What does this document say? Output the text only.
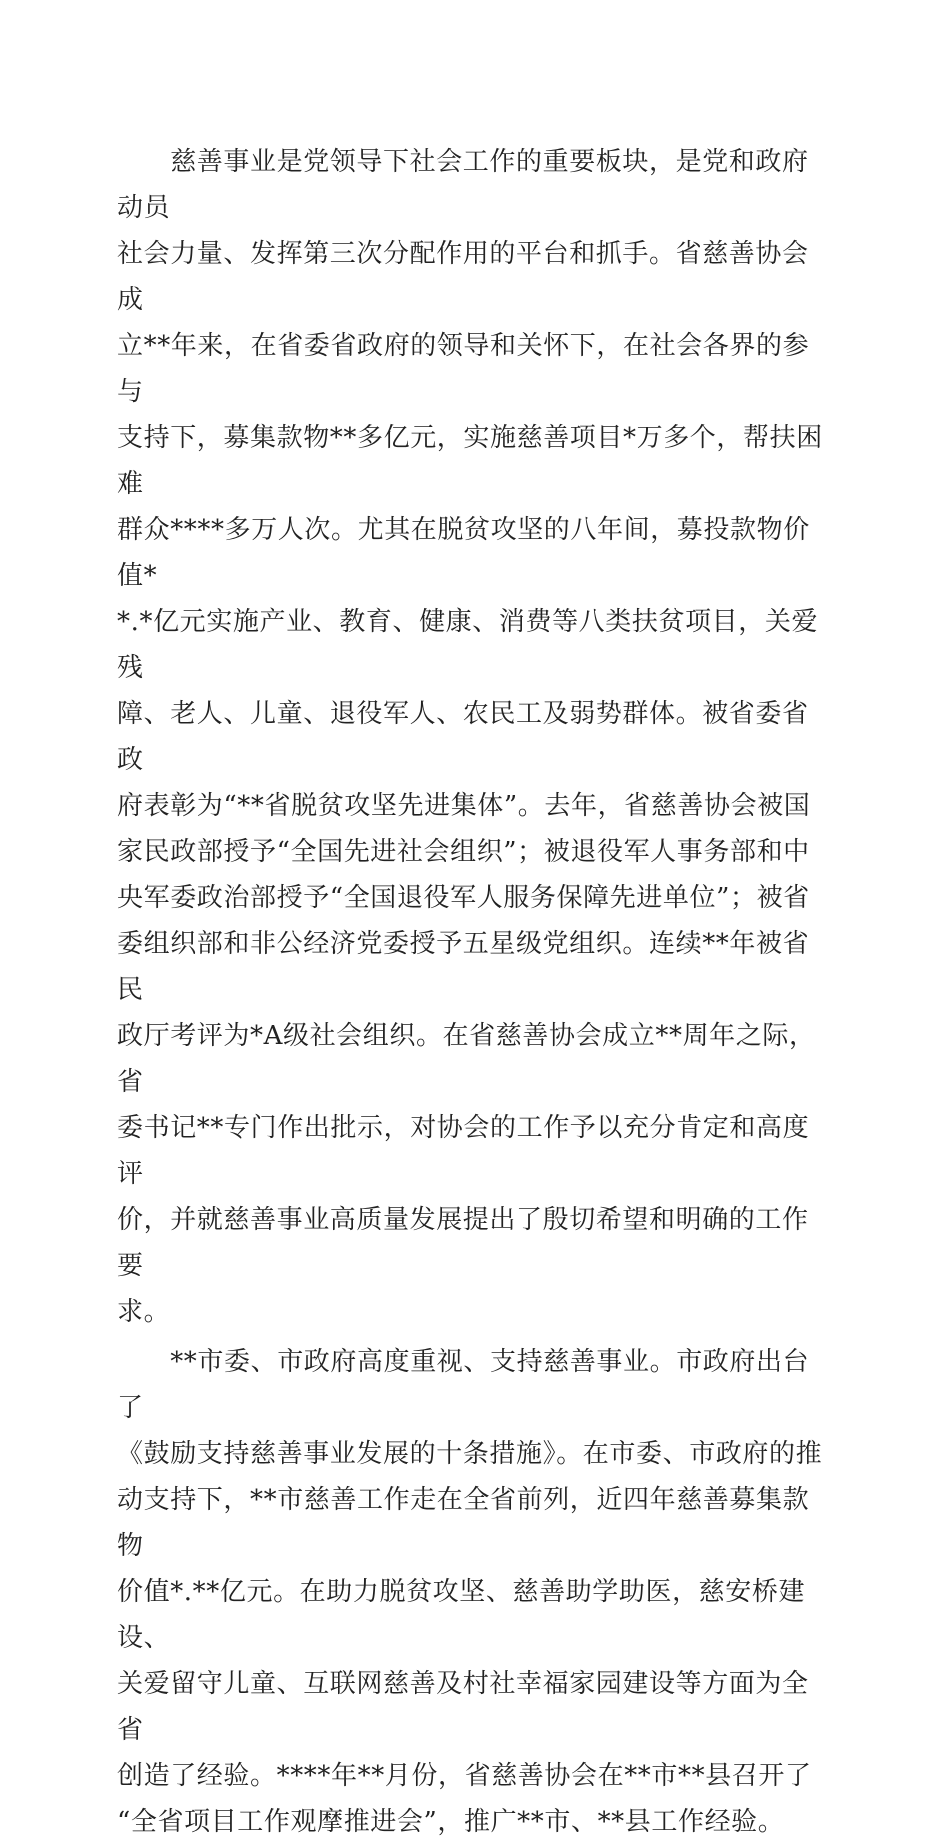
　　慈善事业是党领导下社会工作的重要板块，是党和政府动员
社会力量、发挥第三次分配作用的平台和抓手。省慈善协会成
立**年来，在省委省政府的领导和关怀下，在社会各界的参与
支持下，募集款物**多亿元，实施慈善项目*万多个，帮扶困难
群众****多万人次。尤其在脱贫攻坚的八年间，募投款物价值*
*.*亿元实施产业、教育、健康、消费等八类扶贫项目，关爱残
障、老人、儿童、退役军人、农民工及弱势群体。被省委省政
府表彰为“**省脱贫攻坚先进集体”。去年，省慈善协会被国
家民政部授予“全国先进社会组织”；被退役军人事务部和中
央军委政治部授予“全国退役军人服务保障先进单位”；被省
委组织部和非公经济党委授予五星级党组织。连续**年被省民
政厅考评为*A级社会组织。在省慈善协会成立**周年之际，省
委书记**专门作出批示，对协会的工作予以充分肯定和高度评
价，并就慈善事业高质量发展提出了殷切希望和明确的工作要
求。

　　**市委、市政府高度重视、支持慈善事业。市政府出台了
《鼓励支持慈善事业发展的十条措施》。在市委、市政府的推
动支持下，**市慈善工作走在全省前列，近四年慈善募集款物
价值*.**亿元。在助力脱贫攻坚、慈善助学助医，慈安桥建设、
关爱留守儿童、互联网慈善及村社幸福家园建设等方面为全省
创造了经验。****年**月份，省慈善协会在**市**县召开了
“全省项目工作观摩推进会”，推广**市、**县工作经验。
